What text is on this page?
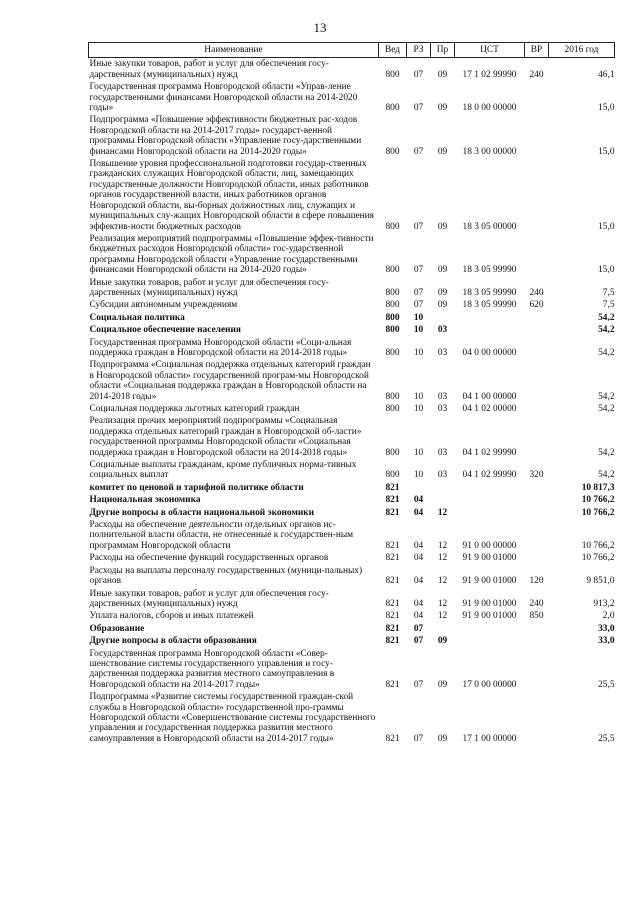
13
Наименование	Вед	РЗ	Пр	ЦСТ	ВР	2016 год
Иные закупки товаров, работ и услуг для обеспечения госу-дарственных (муниципальных) нужд	800	07	09	17 1 02 99990	240	46,1
Государственная программа Новгородской области «Управ-ление государственными финансами Новгородской области на 2014-2020 годы»	800	07	09	18 0 00 00000		15,0
Подпрограмма «Повышение эффективности бюджетных рас-ходов Новгородской области на 2014-2017 годы» государст-венной программы Новгородской области «Управление госу-дарственными финансами Новгородской области на 2014-2020 годы»	800	07	09	18 3 00 00000		15,0
Повышение уровня профессиональной подготовки государ-ственных гражданских служащих Новгородской области, лиц, замещающих государственные должности Новгородской области, иных работников органов государственной власти, иных работников органов Новгородской области, вы-борных должностных лиц, служащих и муниципальных слу-жащих Новгородской области в сфере повышения эффектив-ности бюджетных расходов	800	07	09	18 3 05 00000		15,0
Реализация мероприятий подпрограммы «Повышение эффек-тивности бюджетных расходов Новгородской области» гос-ударственной программы Новгородской области «Управление государственными финансами Новгородской области на 2014-2020 годы»	800	07	09	18 3 05 99990		15,0
Иные закупки товаров, работ и услуг для обеспечения госу-дарственных (муниципальных) нужд	800	07	09	18 3 05 99990	240	7,5
Субсидии автономным учреждениям	800	07	09	18 3 05 99990	620	7,5
Социальная политика	800	10				54,2
Социальное обеспечение населения	800	10	03			54,2
Государственная программа Новгородской области «Соци-альная поддержка граждан в Новгородской области на 2014-2018 годы»	800	10	03	04 0 00 00000		54,2
Подпрограмма «Социальная поддержка отдельных категорий граждан в Новгородской области» государственной програм-мы Новгородской области «Социальная поддержка граждан в Новгородской области на 2014-2018 годы»	800	10	03	04 1 00 00000		54,2
Социальная поддержка льготных категорий граждан	800	10	03	04 1 02 00000		54,2
Реализация прочих мероприятий подпрограммы «Социальная поддержка отдельных категорий граждан в Новгородской об-ласти» государственной программы Новгородской области «Социальная поддержка граждан в Новгородской области на 2014-2018 годы»	800	10	03	04 1 02 99990		54,2
Социальные выплаты гражданам, кроме публичных норма-тивных социальных выплат	800	10	03	04 1 02 99990	320	54,2
комитет по ценовой и тарифной политике области	821					10 817,3
Национальная экономика	821	04				10 766,2
Другие вопросы в области национальной экономики	821	04	12			10 766,2
Расходы на обеспечение деятельности отдельных органов ис-полнительной власти области, не отнесенные к государствен-ным программам Новгородской области	821	04	12	91 0 00 00000		10 766,2
Расходы на обеспечение функций государственных органов	821	04	12	91 9 00 01000		10 766,2
Расходы на выплаты персоналу государственных (муници-пальных) органов	821	04	12	91 9 00 01000	120	9 851,0
Иные закупки товаров, работ и услуг для обеспечения госу-дарственных (муниципальных) нужд	821	04	12	91 9 00 01000	240	913,2
Уплата налогов, сборов и иных платежей	821	04	12	91 9 00 01000	850	2,0
Образование	821	07				33,0
Другие вопросы в области образования	821	07	09			33,0
Государственная программа Новгородской области «Совер-шенствование системы государственного управления и госу-дарственная поддержка развития местного самоуправления в Новгородской области на 2014-2017 годы»	821	07	09	17 0 00 00000		25,5
Подпрограмма «Развитие системы государственной граждан-ской службы в Новгородской области» государственной про-граммы Новгородской области «Совершенствование системы государственного управления и государственная поддержка развития местного самоуправления в Новгородской области на 2014-2017 годы»	821	07	09	17 1 00 00000		25,5
